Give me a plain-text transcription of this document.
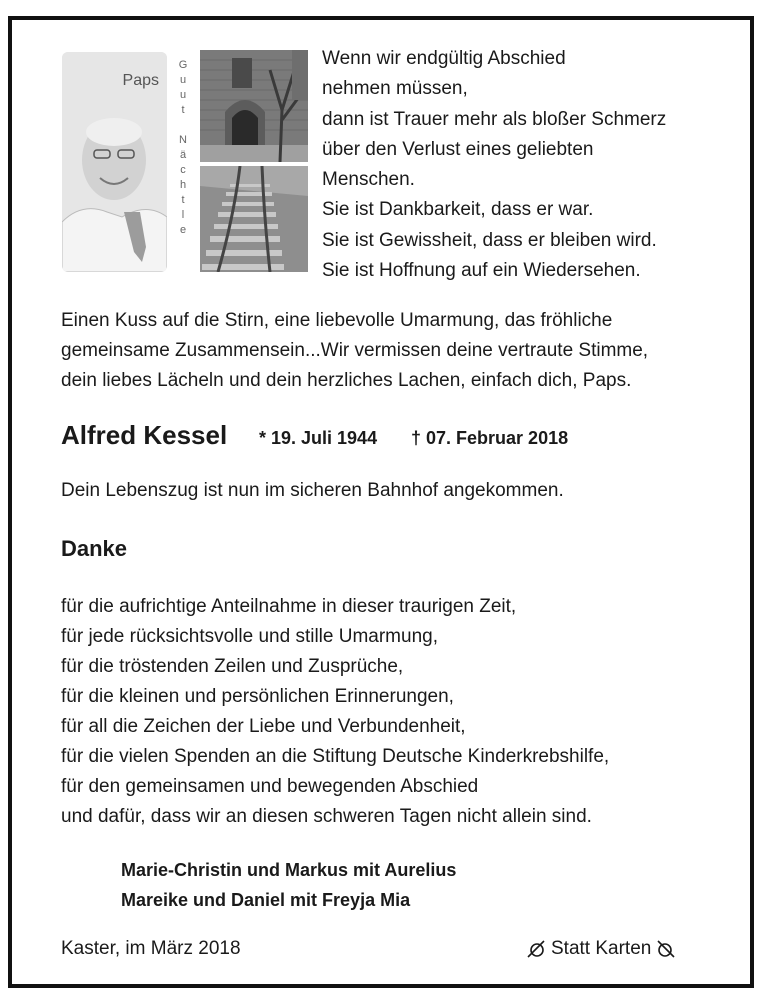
Paps
G
u
u
t

N
ä
c
h
t
l
e
Wenn wir endgültig Abschied
nehmen müssen,
dann ist Trauer mehr als bloßer Schmerz
über den Verlust eines geliebten
Menschen.
Sie ist Dankbarkeit, dass er war.
Sie ist Gewissheit, dass er bleiben wird.
Sie ist Hoffnung auf ein Wiedersehen.
Einen Kuss auf die Stirn, eine liebevolle Umarmung, das fröhliche
gemeinsame Zusammensein...Wir vermissen deine vertraute Stimme,
dein liebes Lächeln und dein herzliches Lachen, einfach dich, Paps.
Alfred Kessel * 19. Juli 1944 † 07. Februar 2018
Dein Lebenszug ist nun im sicheren Bahnhof angekommen.
Danke
für die aufrichtige Anteilnahme in dieser traurigen Zeit,
für jede rücksichtsvolle und stille Umarmung,
für die tröstenden Zeilen und Zusprüche,
für die kleinen und persönlichen Erinnerungen,
für all die Zeichen der Liebe und Verbundenheit,
für die vielen Spenden an die Stiftung Deutsche Kinderkrebshilfe,
für den gemeinsamen und bewegenden Abschied
und dafür, dass wir an diesen schweren Tagen nicht allein sind.
Marie-Christin und Markus mit Aurelius
Mareike und Daniel mit Freyja Mia
Kaster, im März 2018	Statt Karten
